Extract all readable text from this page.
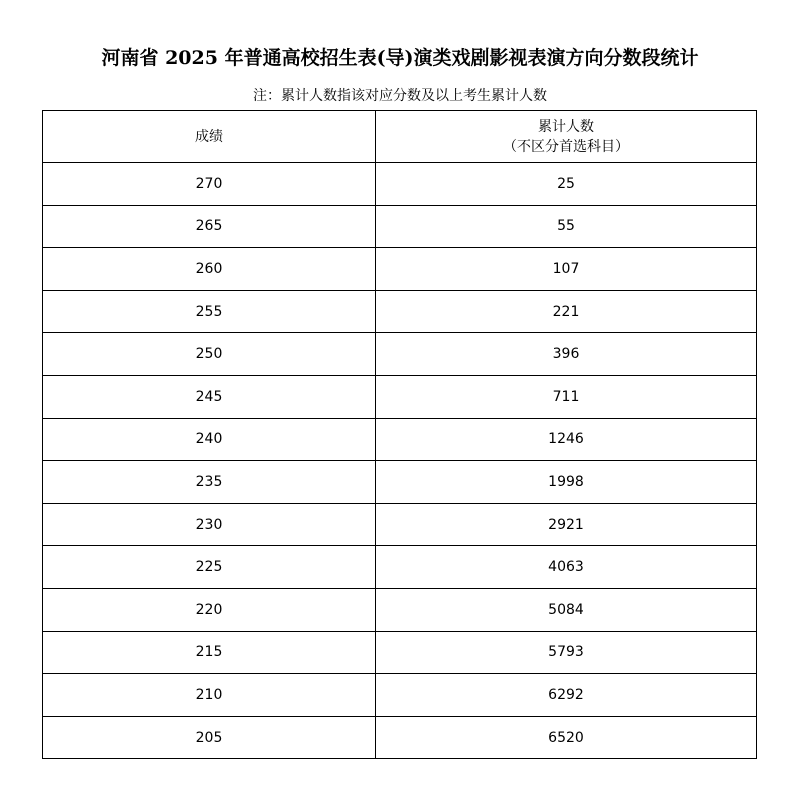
河南省 2025 年普通高校招生表(导)演类戏剧影视表演方向分数段统计
注：累计人数指该对应分数及以上考生累计人数
成绩	累计人数
（不区分首选科目）

270	25
265	55
260	107
255	221
250	396
245	711
240	1246
235	1998
230	2921
225	4063
220	5084
215	5793
210	6292
205	6520
